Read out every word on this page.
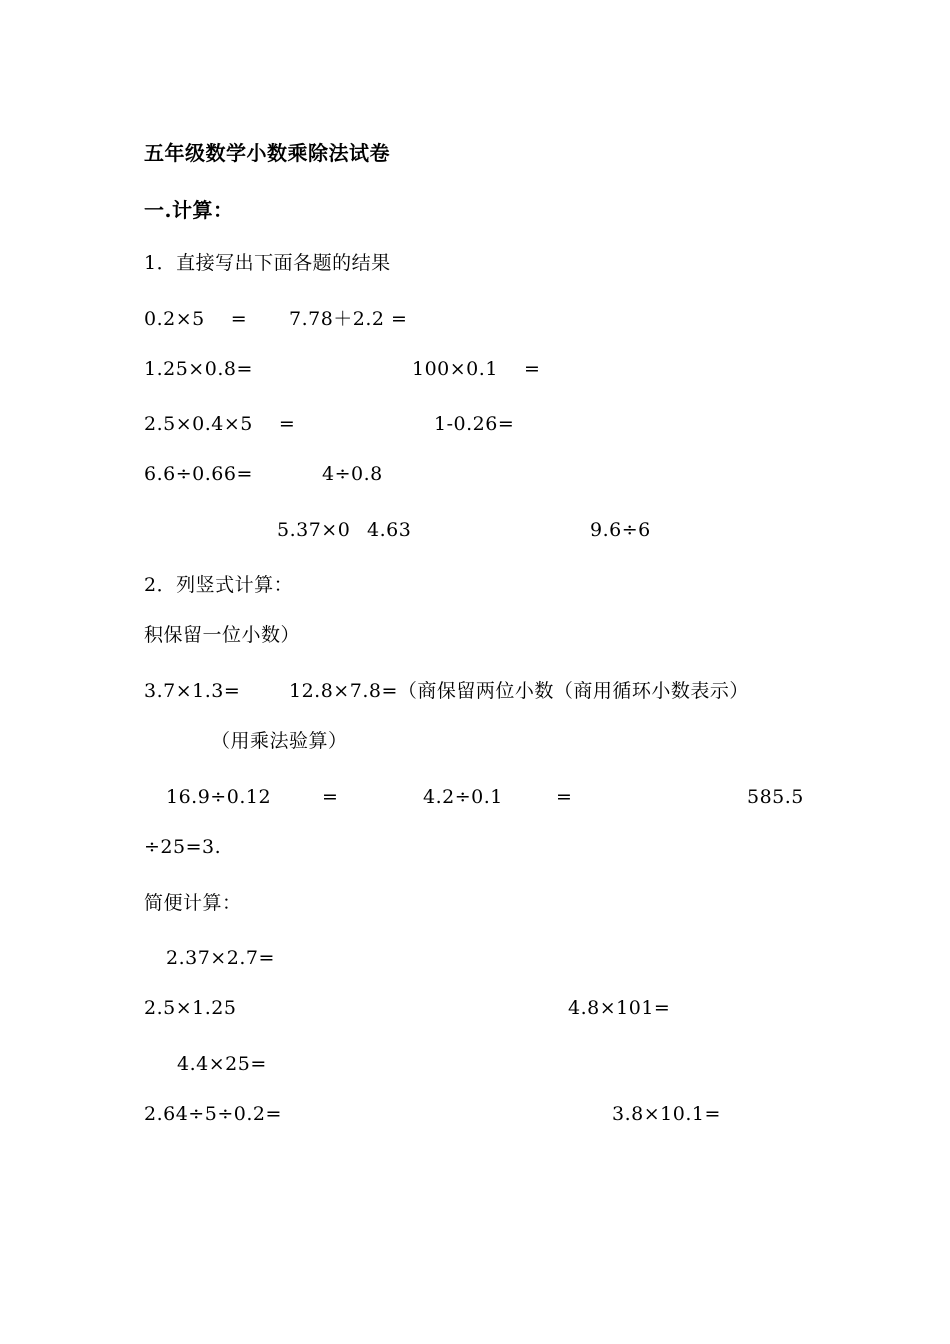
五年级数学小数乘除法试卷
一.计算：
1．直接写出下面各题的结果
0.2×5　 = 7.78＋2.2 =
1.25×0.8=	100×0.1　 =
2.5×0.4×5　 =	1-0.26=
6.6÷0.66=	4÷0.8
5.37×0 4.63	9.6÷6
2．列竖式计算：
积保留一位小数）
3.7×1.3=	12.8×7.8=（商保留两位小数（商用循环小数表示）
（用乘法验算）
16.9÷0.12	=	4.2÷0.1	=	585.5
÷25=3.
简便计算：
2.37×2.7=
2.5×1.25	4.8×101=
4.4×25=
2.64÷5÷0.2=	3.8×10.1=
